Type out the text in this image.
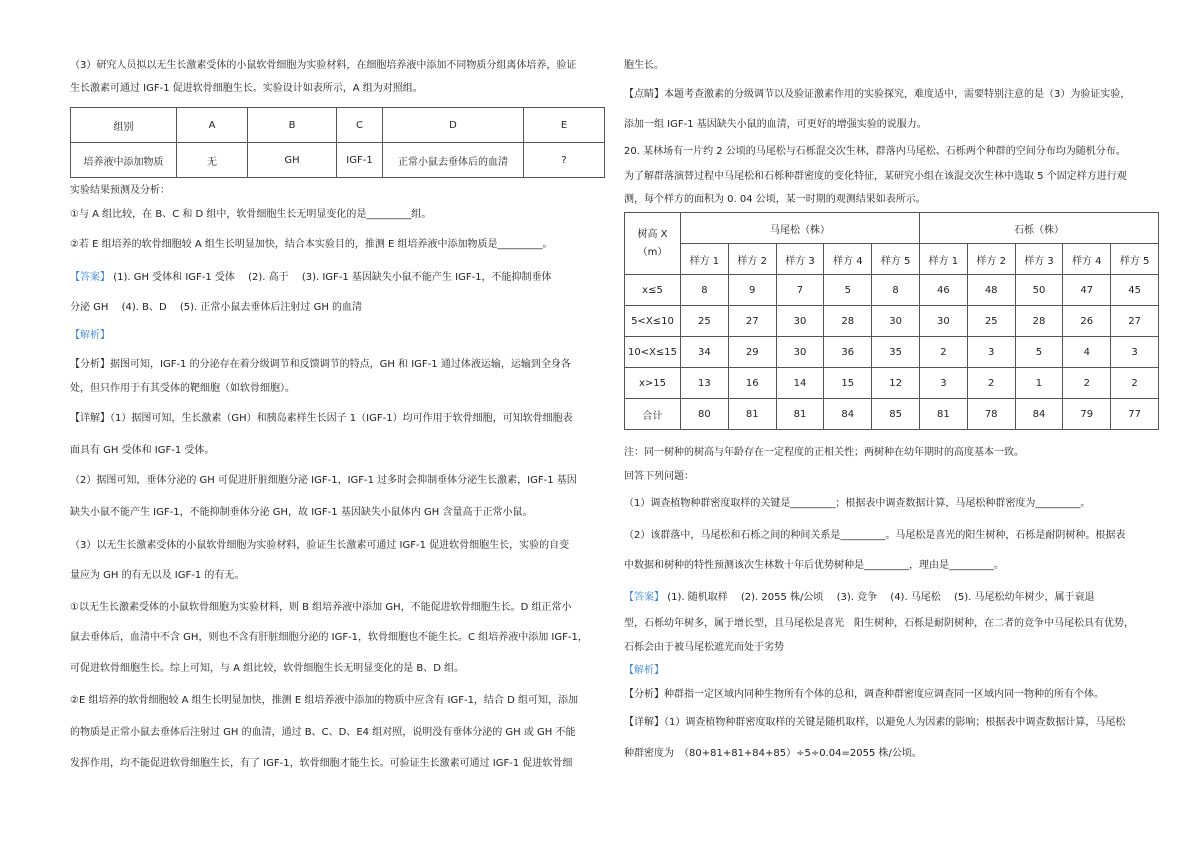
（3）研究人员拟以无生长激素受体的小鼠软骨细胞为实验材料，在细胞培养液中添加不同物质分组离体培养，验证
生长激素可通过 IGF-1 促进软骨细胞生长。实验设计如表所示，A 组为对照组。
组别	A	B	C	D	E
培养液中添加物质	无	GH	IGF-1	正常小鼠去垂体后的血清	?
实验结果预测及分析：
①与 A 组比较，在 B、C 和 D 组中，软骨细胞生长无明显变化的是_________组。
②若 E 组培养的软骨细胞较 A 组生长明显加快，结合本实验目的，推测 E 组培养液中添加物质是_________。
【答案】 (1). GH 受体和 IGF-1 受体　 (2). 高于　 (3). IGF-1 基因缺失小鼠不能产生 IGF-1，不能抑制垂体
分泌 GH　 (4). B、D　 (5). 正常小鼠去垂体后注射过 GH 的血清
【解析】
【分析】据图可知，IGF-1 的分泌存在着分级调节和反馈调节的特点，GH 和 IGF-1 通过体液运输，运输到全身各
处，但只作用于有其受体的靶细胞（如软骨细胞）。
【详解】（1）据图可知，生长激素（GH）和胰岛素样生长因子 1（IGF-1）均可作用于软骨细胞，可知软骨细胞表
面具有 GH 受体和 IGF-1 受体。
（2）据图可知，垂体分泌的 GH 可促进肝脏细胞分泌 IGF-1，IGF-1 过多时会抑制垂体分泌生长激素，IGF-1 基因
缺失小鼠不能产生 IGF-1，不能抑制垂体分泌 GH，故 IGF-1 基因缺失小鼠体内 GH 含量高于正常小鼠。
（3）以无生长激素受体的小鼠软骨细胞为实验材料，验证生长激素可通过 IGF-1 促进软骨细胞生长，实验的自变
量应为 GH 的有无以及 IGF-1 的有无。
①以无生长激素受体的小鼠软骨细胞为实验材料，则 B 组培养液中添加 GH，不能促进软骨细胞生长。D 组正常小
鼠去垂体后，血清中不含 GH，则也不含有肝脏细胞分泌的 IGF-1，软骨细胞也不能生长。C 组培养液中添加 IGF-1，
可促进软骨细胞生长。综上可知，与 A 组比较，软骨细胞生长无明显变化的是 B、D 组。
②E 组培养的软骨细胞较 A 组生长明显加快，推测 E 组培养液中添加的物质中应含有 IGF-1，结合 D 组可知，添加
的物质是正常小鼠去垂体后注射过 GH 的血清，通过 B、C、D、E4 组对照，说明没有垂体分泌的 GH 或 GH 不能
发挥作用，均不能促进软骨细胞生长，有了 IGF-1，软骨细胞才能生长。可验证生长激素可通过 IGF-1 促进软骨细
胞生长。
【点睛】本题考查激素的分级调节以及验证激素作用的实验探究，难度适中，需要特别注意的是（3）为验证实验，
添加一组 IGF-1 基因缺失小鼠的血清，可更好的增强实验的说服力。
20. 某林场有一片约 2 公顷的马尾松与石栎混交次生林，群落内马尾松、石栎两个种群的空间分布均为随机分布。
为了解群落演替过程中马尾松和石栎种群密度的变化特征，某研究小组在该混交次生林中选取 5 个固定样方进行观
测，每个样方的面积为 0. 04 公顷，某一时期的观测结果如表所示。
树高 X
（m）	马尾松（株）					石栎（株）				
	样方 1	样方 2	样方 3	样方 4	样方 5	样方 1	样方 2	样方 3	样方 4	样方 5
x≤5	8	9	7	5	8	46	48	50	47	45
5<X≤10	25	27	30	28	30	30	25	28	26	27
10<X≤15	34	29	30	36	35	2	3	5	4	3
x>15	13	16	14	15	12	3	2	1	2	2
合计	80	81	81	84	85	81	78	84	79	77
注：同一树种的树高与年龄存在一定程度的正相关性；两树种在幼年期时的高度基本一致。
回答下列问题：
（1）调查植物种群密度取样的关键是_________；根据表中调查数据计算，马尾松种群密度为_________。
（2）该群落中，马尾松和石栎之间的种间关系是_________。马尾松是喜光的阳生树种，石栎是耐阴树种。根据表
中数据和树种的特性预测该次生林数十年后优势树种是_________，理由是_________。
【答案】 (1). 随机取样　 (2). 2055 株/公顷　 (3). 竞争　 (4). 马尾松　 (5). 马尾松幼年树少，属于衰退
型，石栎幼年树多，属于增长型，且马尾松是喜光　阳生树种，石栎是耐阴树种，在二者的竞争中马尾松具有优势，
石栎会由于被马尾松遮光而处于劣势
【解析】
【分析】种群指一定区域内同种生物所有个体的总和，调查种群密度应调查同一区域内同一物种的所有个体。
【详解】（1）调查植物种群密度取样的关键是随机取样，以避免人为因素的影响；根据表中调查数据计算，马尾松
种群密度为　（80+81+81+84+85）÷5÷0.04=2055 株/公顷。
